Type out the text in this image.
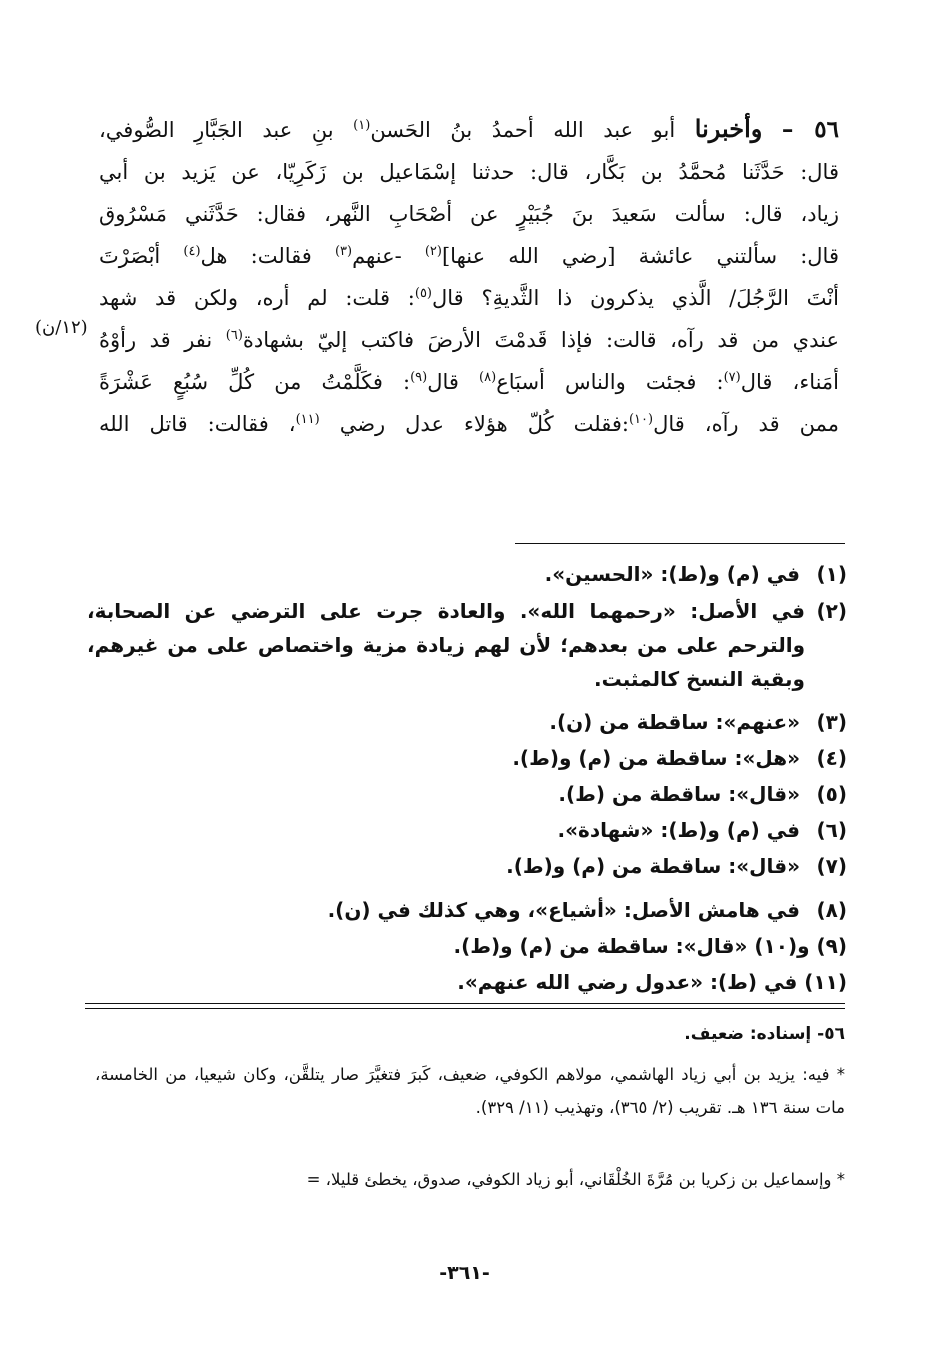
٥٦ – وأخبرنا أبو عبد الله أحمدُ بنُ الحَسن$^{(١)}$ بنِ عبد الجَبَّارِ الصُّوفي،

قال: حَدَّثَنا مُحمَّدُ بن بَكَّار، قال: حدثنا إسْمَاعيل بن زَكَرِيّا، عن يَزيد بن أبي

زياد، قال: سألت سَعيدَ بنَ جُبَيْرٍ عن أصْحَابِ النَّهر، فقال: حَدَّثَني مَسْرُوق

قال: سألتني عائشة [رضي الله عنها]$^{(٢)}$ -عنهم$^{(٣)}$ فقالت: هل$^{(٤)}$ أبْصَرْتَ

أنْتَ الرَّجُلَ/ الَّذي يذكرون ذا الثَّديةِ؟ قال$^{(٥)}$: قلت: لم أره، ولكن قد شهد

عندي من قد رآه، قالت: فإذا قَدمْتَ الأرضَ فاكتب إليّ بشهادة$^{(٦)}$ نفر قد رأوْهُ

أمَناء، قال$^{(٧)}$: فجئت والناس أسبَاع$^{(٨)}$ قال$^{(٩)}$: فكَلَّمْتُ من كُلِّ سُبُعٍ عَشْرَةً

ممن قد رآه، قال$^{(١٠)}$:فقلت كُلّ هؤلاء عدل رضي $^{(١١)}$، فقالت: قاتل الله

(١٢/ن)
(١) في (م) و(ط): «الحسين».
(٢)
في الأصل: «رحمهما الله». والعادة جرت على الترضي عن الصحابة، والترحم على من بعدهم؛ لأن لهم زيادة مزية واختصاص على من غيرهم، وبقية النسخ كالمثبت.
(٣) «عنهم»: ساقطة من (ن).
(٤) «هل»: ساقطة من (م) و(ط).
(٥) «قال»: ساقطة من (ط).
(٦) في (م) و(ط): «شهادة».
(٧) «قال»: ساقطة من (م) و(ط).
(٨) في هامش الأصل: «أشياع»، وهي كذلك في (ن).
(٩) و(١٠) «قال»: ساقطة من (م) و(ط).
(١١) في (ط): «عدول رضي الله عنهم».
٥٦- إسناده: ضعيف.
* فيه: يزيد بن أبي زياد الهاشمي، مولاهم الكوفي، ضعيف، كَبرَ فتغيَّرَ صار يتلقَّن، وكان شيعيا، من الخامسة، مات سنة ١٣٦ هـ. تقريب (٢/ ٣٦٥)، وتهذيب (١١/ ٣٢٩).
* وإسماعيل بن زكريا بن مُرَّةَ الخُلْقَاني، أبو زياد الكوفي، صدوق، يخطئ قليلا، =
-٣٦١-
